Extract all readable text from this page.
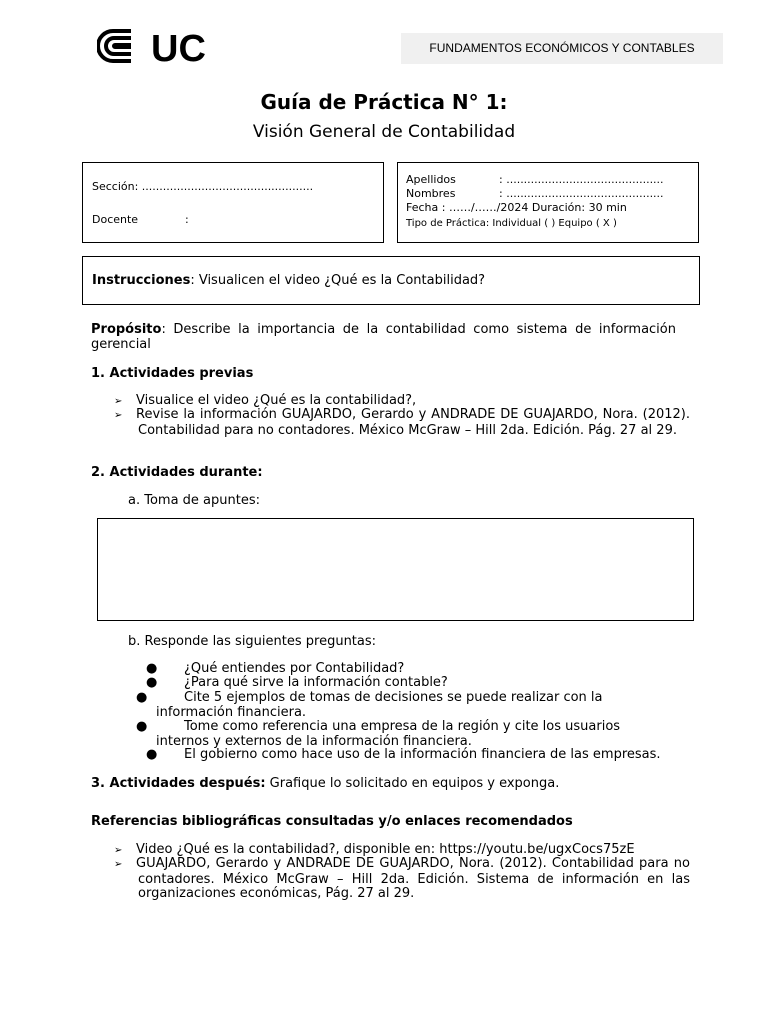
UC	FUNDAMENTOS ECONÓMICOS Y CONTABLES
Guía de Práctica N° 1:
Visión General de Contabilidad
Sección: .................................................
Docente	:
Apellidos	: .............................................
Nombres	: .............................................
Fecha : ……/……/2024 Duración: 30 min
Tipo de Práctica: Individual ( ) Equipo ( X )
Instrucciones: Visualicen el video ¿Qué es la Contabilidad?
Propósito: Describe la importancia de la contabilidad como sistema de información gerencial
1. Actividades previas
➢ Visualice el video ¿Qué es la contabilidad?,
➢ Revise la información GUAJARDO, Gerardo y ANDRADE DE GUAJARDO, Nora. (2012). Contabilidad para no contadores. México McGraw – Hill 2da. Edición. Pág. 27 al 29.
2. Actividades durante:
a. Toma de apuntes:
b. Responde las siguientes preguntas:
● ¿Qué entiendes por Contabilidad?
● ¿Para qué sirve la información contable?
●	Cite 5 ejemplos de tomas de decisiones se puede realizar con la información financiera.
●	Tome como referencia una empresa de la región y cite los usuarios internos y externos de la información financiera.
● El gobierno como hace uso de la información financiera de las empresas.
3. Actividades después: Grafique lo solicitado en equipos y exponga.
Referencias bibliográficas consultadas y/o enlaces recomendados
➢ Video ¿Qué es la contabilidad?, disponible en: https://youtu.be/ugxCocs75zE
➢ GUAJARDO, Gerardo y ANDRADE DE GUAJARDO, Nora. (2012). Contabilidad para no contadores. México McGraw – Hill 2da. Edición. Sistema de información en las organizaciones económicas, Pág. 27 al 29.
